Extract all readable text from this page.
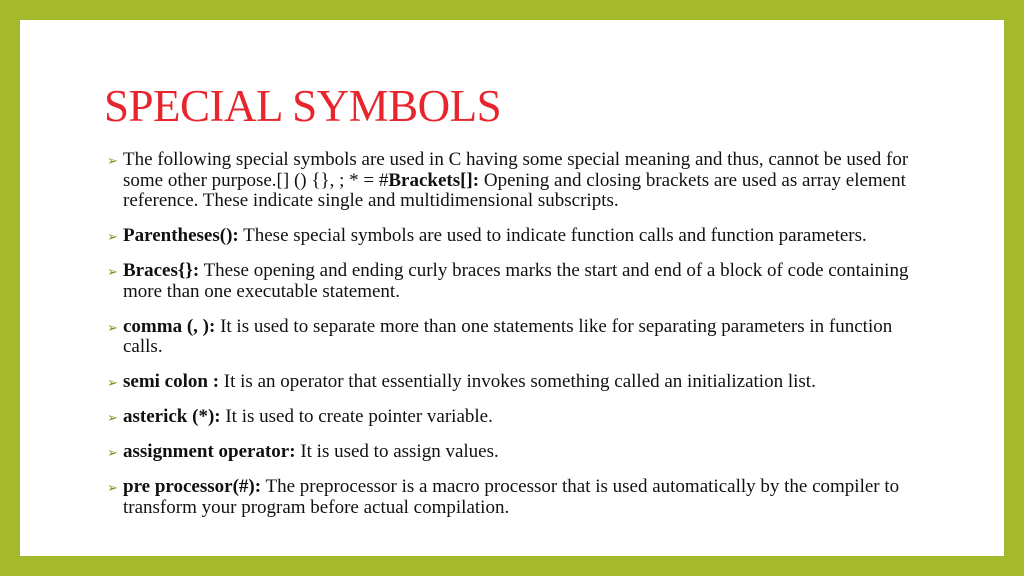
SPECIAL SYMBOLS
➢ The following special symbols are used in C having some special meaning and thus, cannot be used for some other purpose.[] () {}, ; * = #Brackets[]: Opening and closing brackets are used as array element reference. These indicate single and multidimensional subscripts.
➢ Parentheses(): These special symbols are used to indicate function calls and function parameters.
➢ Braces{}: These opening and ending curly braces marks the start and end of a block of code containing more than one executable statement.
➢ comma (, ): It is used to separate more than one statements like for separating parameters in function calls.
➢ semi colon : It is an operator that essentially invokes something called an initialization list.
➢ asterick (*): It is used to create pointer variable.
➢ assignment operator: It is used to assign values.
➢ pre processor(#): The preprocessor is a macro processor that is used automatically by the compiler to transform your program before actual compilation.
